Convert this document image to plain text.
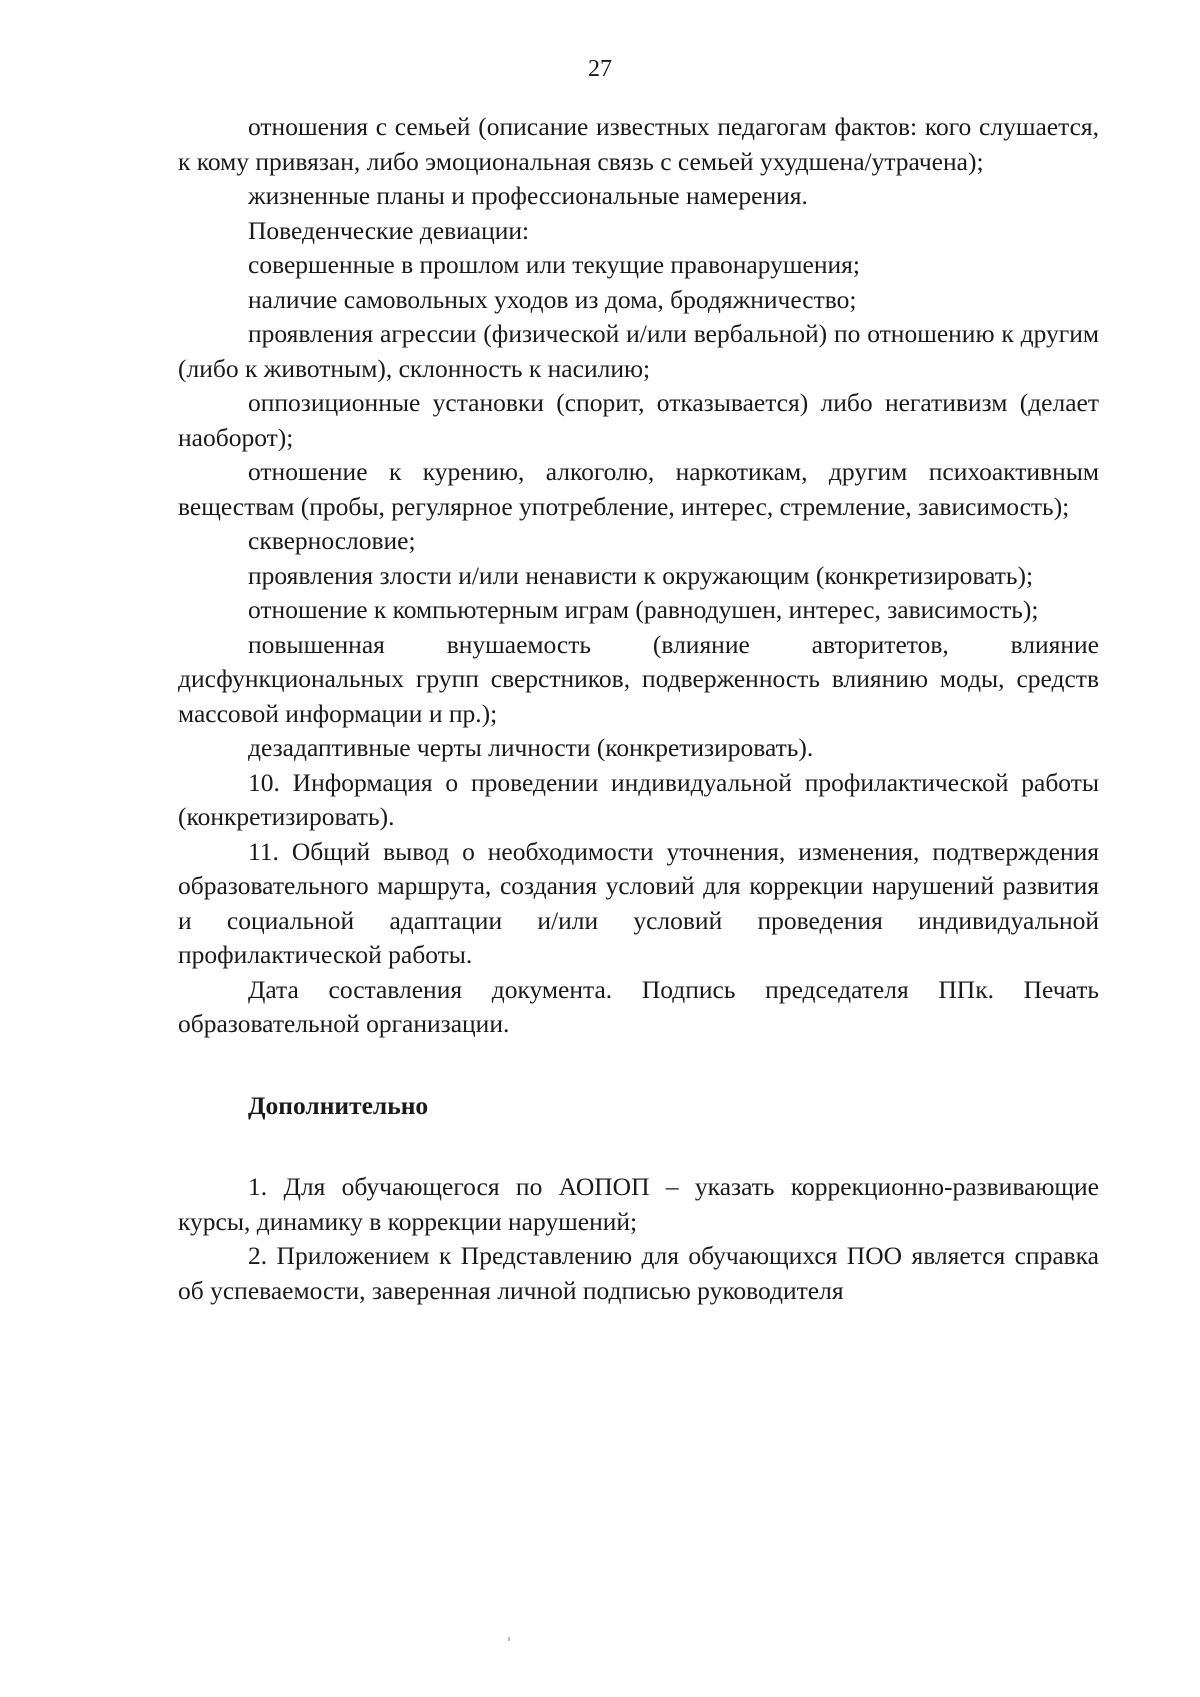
27

отношения с семьей (описание известных педагогам фактов: кого слушается, к кому привязан, либо эмоциональная связь с семьей ухудшена/утрачена);

жизненные планы и профессиональные намерения.

Поведенческие девиации:

совершенные в прошлом или текущие правонарушения;

наличие самовольных уходов из дома, бродяжничество;

проявления агрессии (физической и/или вербальной) по отношению к другим (либо к животным), склонность к насилию;

оппозиционные установки (спорит, отказывается) либо негативизм (делает наоборот);

отношение к курению, алкоголю, наркотикам, другим психоактивным веществам (пробы, регулярное употребление, интерес, стремление, зависимость);

сквернословие;

проявления злости и/или ненависти к окружающим (конкретизировать);

отношение к компьютерным играм (равнодушен, интерес, зависимость);

повышенная внушаемость (влияние авторитетов, влияние дисфункциональных групп сверстников, подверженность влиянию моды, средств массовой информации и пр.);

дезадаптивные черты личности (конкретизировать).

10. Информация о проведении индивидуальной профилактической работы (конкретизировать).

11. Общий вывод о необходимости уточнения, изменения, подтверждения образовательного маршрута, создания условий для коррекции нарушений развития и социальной адаптации и/или условий проведения индивидуальной профилактической работы.

Дата составления документа. Подпись председателя ППк. Печать образовательной организации.

Дополнительно

1. Для обучающегося по АОПОП – указать коррекционно-развивающие курсы, динамику в коррекции нарушений;

2. Приложением к Представлению для обучающихся ПОО является справка об успеваемости, заверенная личной подписью руководителя
